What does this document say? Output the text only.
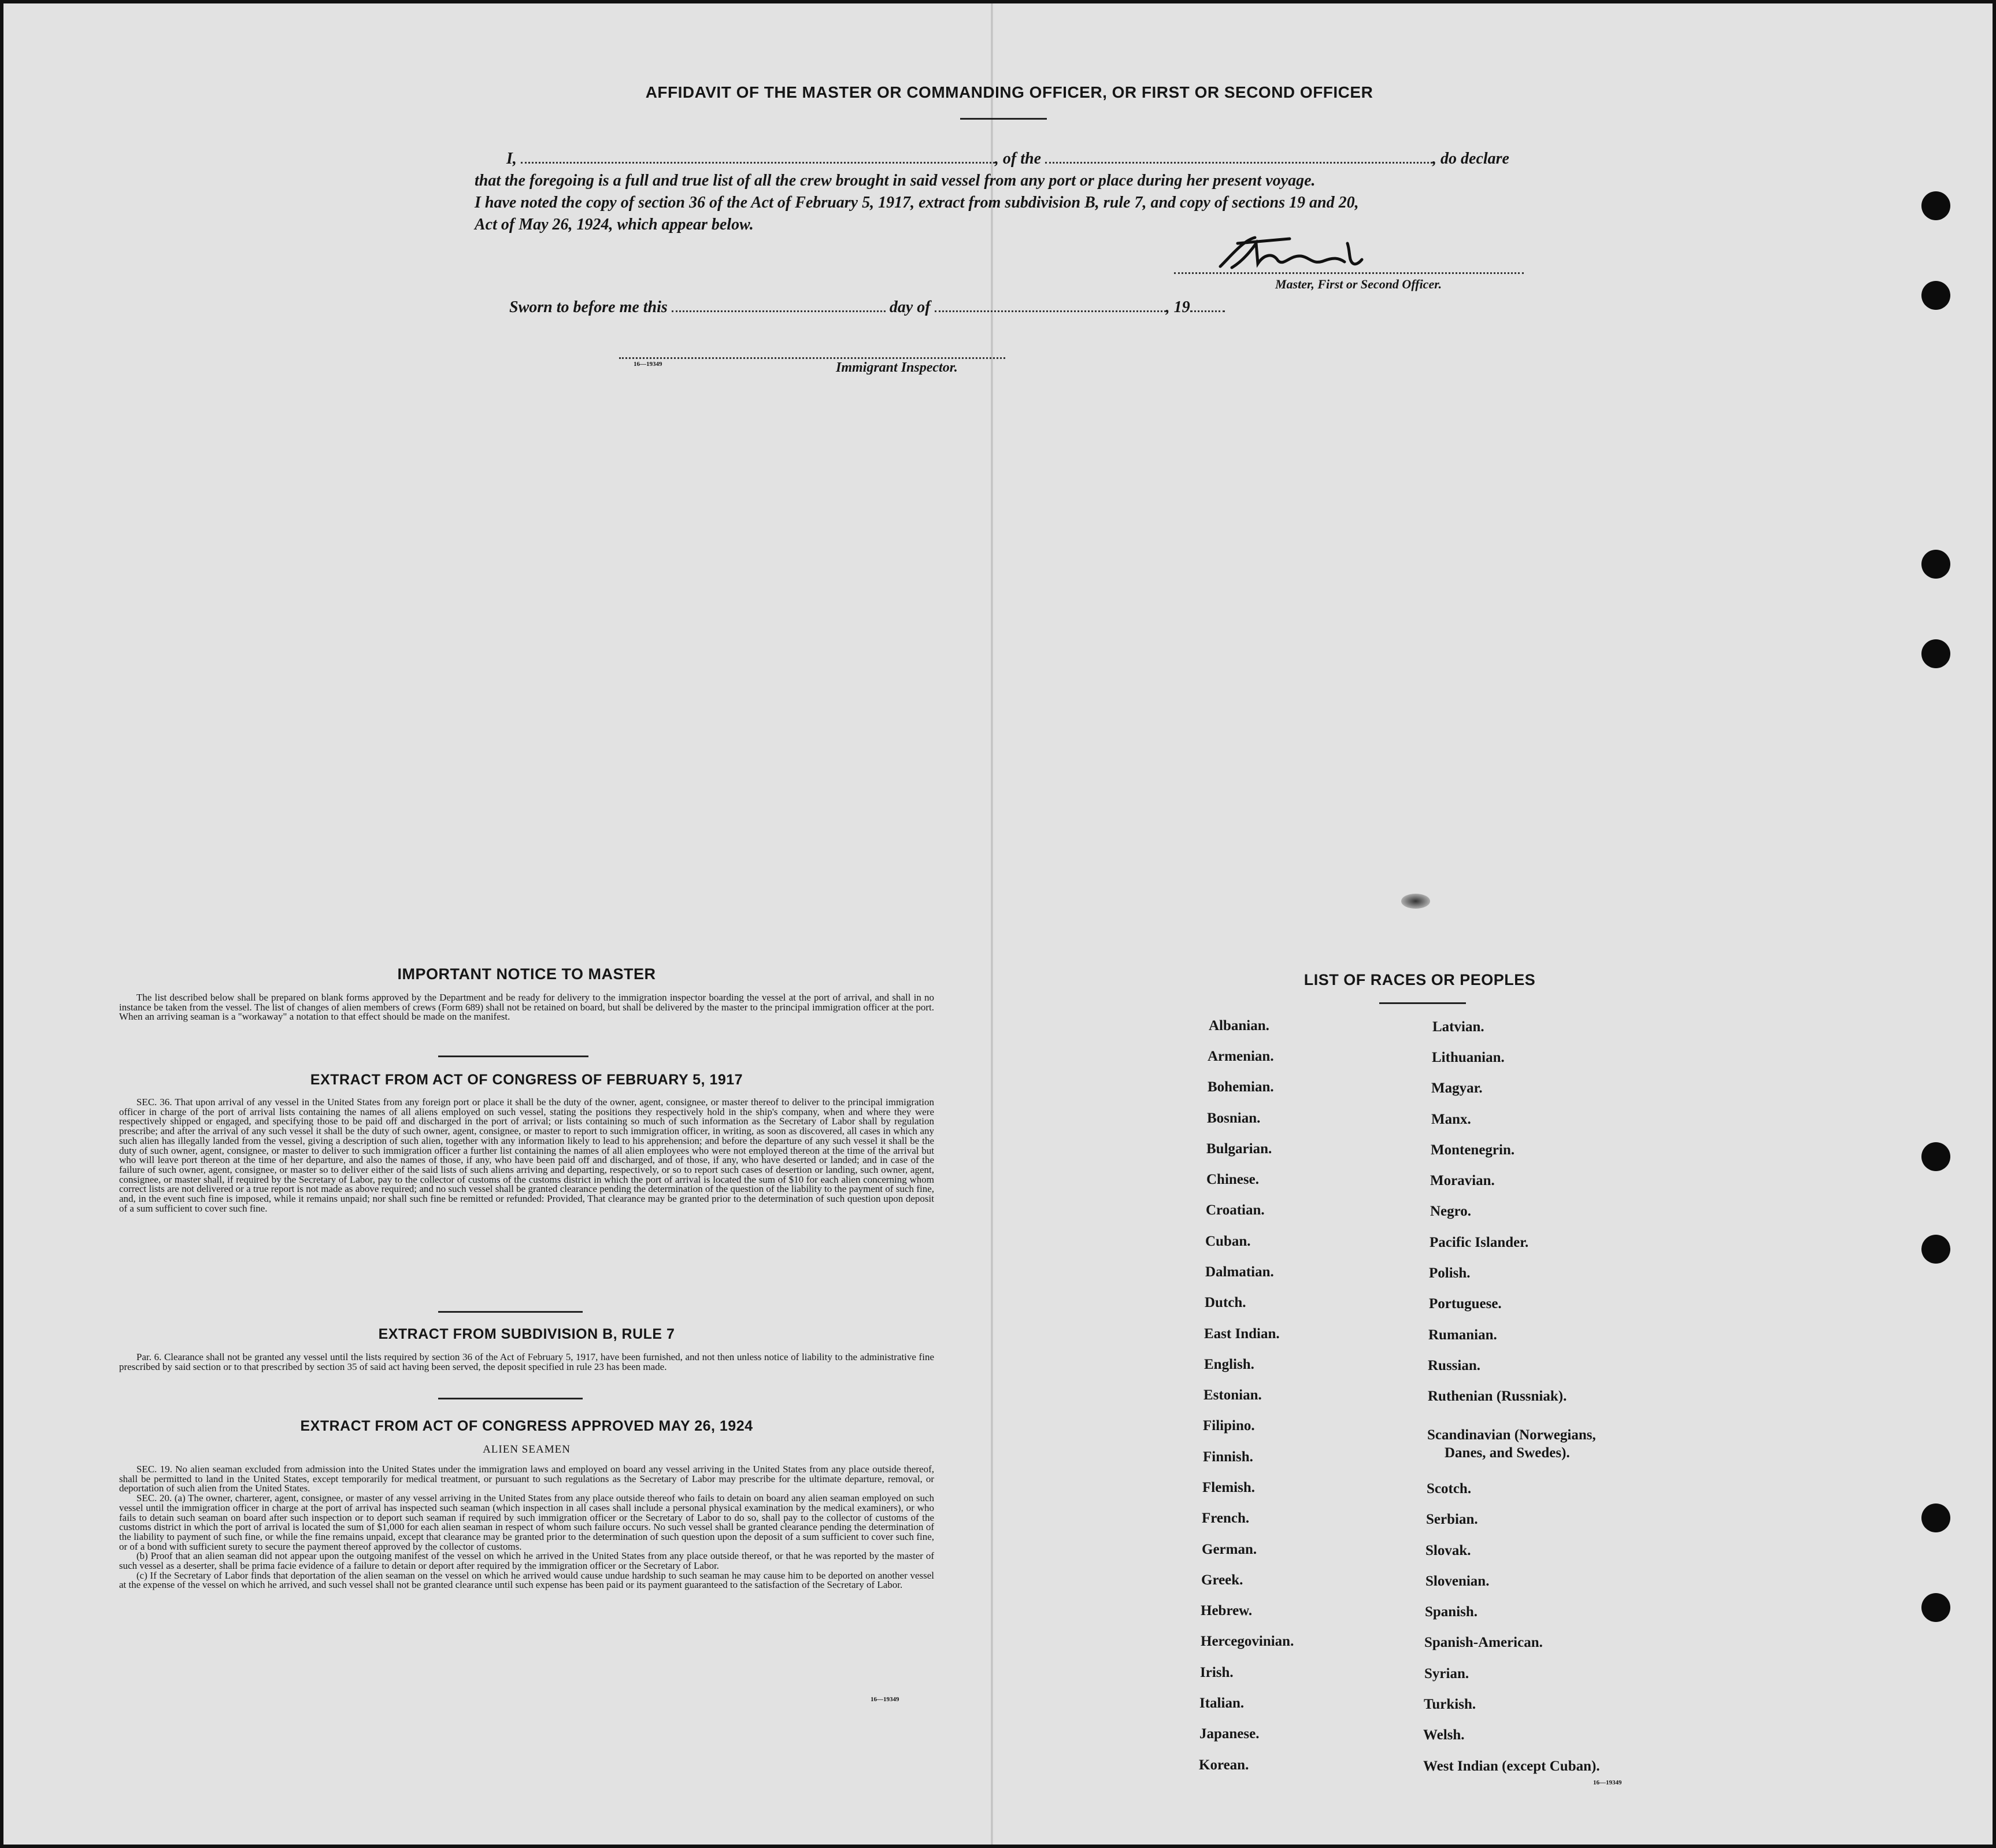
AFFIDAVIT OF THE MASTER OR COMMANDING OFFICER, OR FIRST OR SECOND OFFICER
I,	, of the	, do declare
that the foregoing is a full and true list of all the crew brought in said vessel from any port or place during her present voyage.
I have noted the copy of section 36 of the Act of February 5, 1917, extract from subdivision B, rule 7, and copy of sections 19 and 20,
Act of May 26, 1924, which appear below.
Master, First or Second Officer.
Sworn to before me this	day of	, 19
16—19349	Immigrant Inspector.
IMPORTANT NOTICE TO MASTER

The list described below shall be prepared on blank forms approved by the Department and be ready for delivery to the immigration inspector boarding the vessel at the port of arrival, and shall in no instance be taken from the vessel. The list of changes of alien members of crews (Form 689) shall not be retained on board, but shall be delivered by the master to the principal immigration officer at the port. When an arriving seaman is a "workaway" a notation to that effect should be made on the manifest.

EXTRACT FROM ACT OF CONGRESS OF FEBRUARY 5, 1917

SEC. 36. That upon arrival of any vessel in the United States from any foreign port or place it shall be the duty of the owner, agent, consignee, or master thereof to deliver to the principal immigration officer in charge of the port of arrival lists containing the names of all aliens employed on such vessel, stating the positions they respectively hold in the ship's company, when and where they were respectively shipped or engaged, and specifying those to be paid off and discharged in the port of arrival; or lists containing so much of such information as the Secretary of Labor shall by regulation prescribe; and after the arrival of any such vessel it shall be the duty of such owner, agent, consignee, or master to report to such immigration officer, in writing, as soon as discovered, all cases in which any such alien has illegally landed from the vessel, giving a description of such alien, together with any information likely to lead to his apprehension; and before the departure of any such vessel it shall be the duty of such owner, agent, consignee, or master to deliver to such immigration officer a further list containing the names of all alien employees who were not employed thereon at the time of the arrival but who will leave port thereon at the time of her departure, and also the names of those, if any, who have been paid off and discharged, and of those, if any, who have deserted or landed; and in case of the failure of such owner, agent, consignee, or master so to deliver either of the said lists of such aliens arriving and departing, respectively, or so to report such cases of desertion or landing, such owner, agent, consignee, or master shall, if required by the Secretary of Labor, pay to the collector of customs of the customs district in which the port of arrival is located the sum of $10 for each alien concerning whom correct lists are not delivered or a true report is not made as above required; and no such vessel shall be granted clearance pending the determination of the question of the liability to the payment of such fine, and, in the event such fine is imposed, while it remains unpaid; nor shall such fine be remitted or refunded: Provided, That clearance may be granted prior to the determination of such question upon deposit of a sum sufficient to cover such fine.

EXTRACT FROM SUBDIVISION B, RULE 7

Par. 6. Clearance shall not be granted any vessel until the lists required by section 36 of the Act of February 5, 1917, have been furnished, and not then unless notice of liability to the administrative fine prescribed by said section or to that prescribed by section 35 of said act having been served, the deposit specified in rule 23 has been made.

EXTRACT FROM ACT OF CONGRESS APPROVED MAY 26, 1924
ALIEN SEAMEN

SEC. 19. No alien seaman excluded from admission into the United States under the immigration laws and employed on board any vessel arriving in the United States from any place outside thereof, shall be permitted to land in the United States, except temporarily for medical treatment, or pursuant to such regulations as the Secretary of Labor may prescribe for the ultimate departure, removal, or deportation of such alien from the United States.

SEC. 20. (a) The owner, charterer, agent, consignee, or master of any vessel arriving in the United States from any place outside thereof who fails to detain on board any alien seaman employed on such vessel until the immigration officer in charge at the port of arrival has inspected such seaman (which inspection in all cases shall include a personal physical examination by the medical examiners), or who fails to detain such seaman on board after such inspection or to deport such seaman if required by such immigration officer or the Secretary of Labor to do so, shall pay to the collector of customs of the customs district in which the port of arrival is located the sum of $1,000 for each alien seaman in respect of whom such failure occurs. No such vessel shall be granted clearance pending the determination of the liability to payment of such fine, or while the fine remains unpaid, except that clearance may be granted prior to the determination of such question upon the deposit of a sum sufficient to cover such fine, or of a bond with sufficient surety to secure the payment thereof approved by the collector of customs.

(b) Proof that an alien seaman did not appear upon the outgoing manifest of the vessel on which he arrived in the United States from any place outside thereof, or that he was reported by the master of such vessel as a deserter, shall be prima facie evidence of a failure to detain or deport after required by the immigration officer or the Secretary of Labor.

(c) If the Secretary of Labor finds that deportation of the alien seaman on the vessel on which he arrived would cause undue hardship to such seaman he may cause him to be deported on another vessel at the expense of the vessel on which he arrived, and such vessel shall not be granted clearance until such expense has been paid or its payment guaranteed to the satisfaction of the Secretary of Labor.

16—19349
LIST OF RACES OR PEOPLES
Albanian.
Armenian.
Bohemian.
Bosnian.
Bulgarian.
Chinese.
Croatian.
Cuban.
Dalmatian.
Dutch.
East Indian.
English.
Estonian.
Filipino.
Finnish.
Flemish.
French.
German.
Greek.
Hebrew.
Hercegovinian.
Irish.
Italian.
Japanese.
Korean.
Latvian.
Lithuanian.
Magyar.
Manx.
Montenegrin.
Moravian.
Negro.
Pacific Islander.
Polish.
Portuguese.
Rumanian.
Russian.
Ruthenian (Russniak).
Scandinavian (Norwegians,
Danes, and Swedes).
Scotch.
Serbian.
Slovak.
Slovenian.
Spanish.
Spanish-American.
Syrian.
Turkish.
Welsh.
West Indian (except Cuban).
16—19349
